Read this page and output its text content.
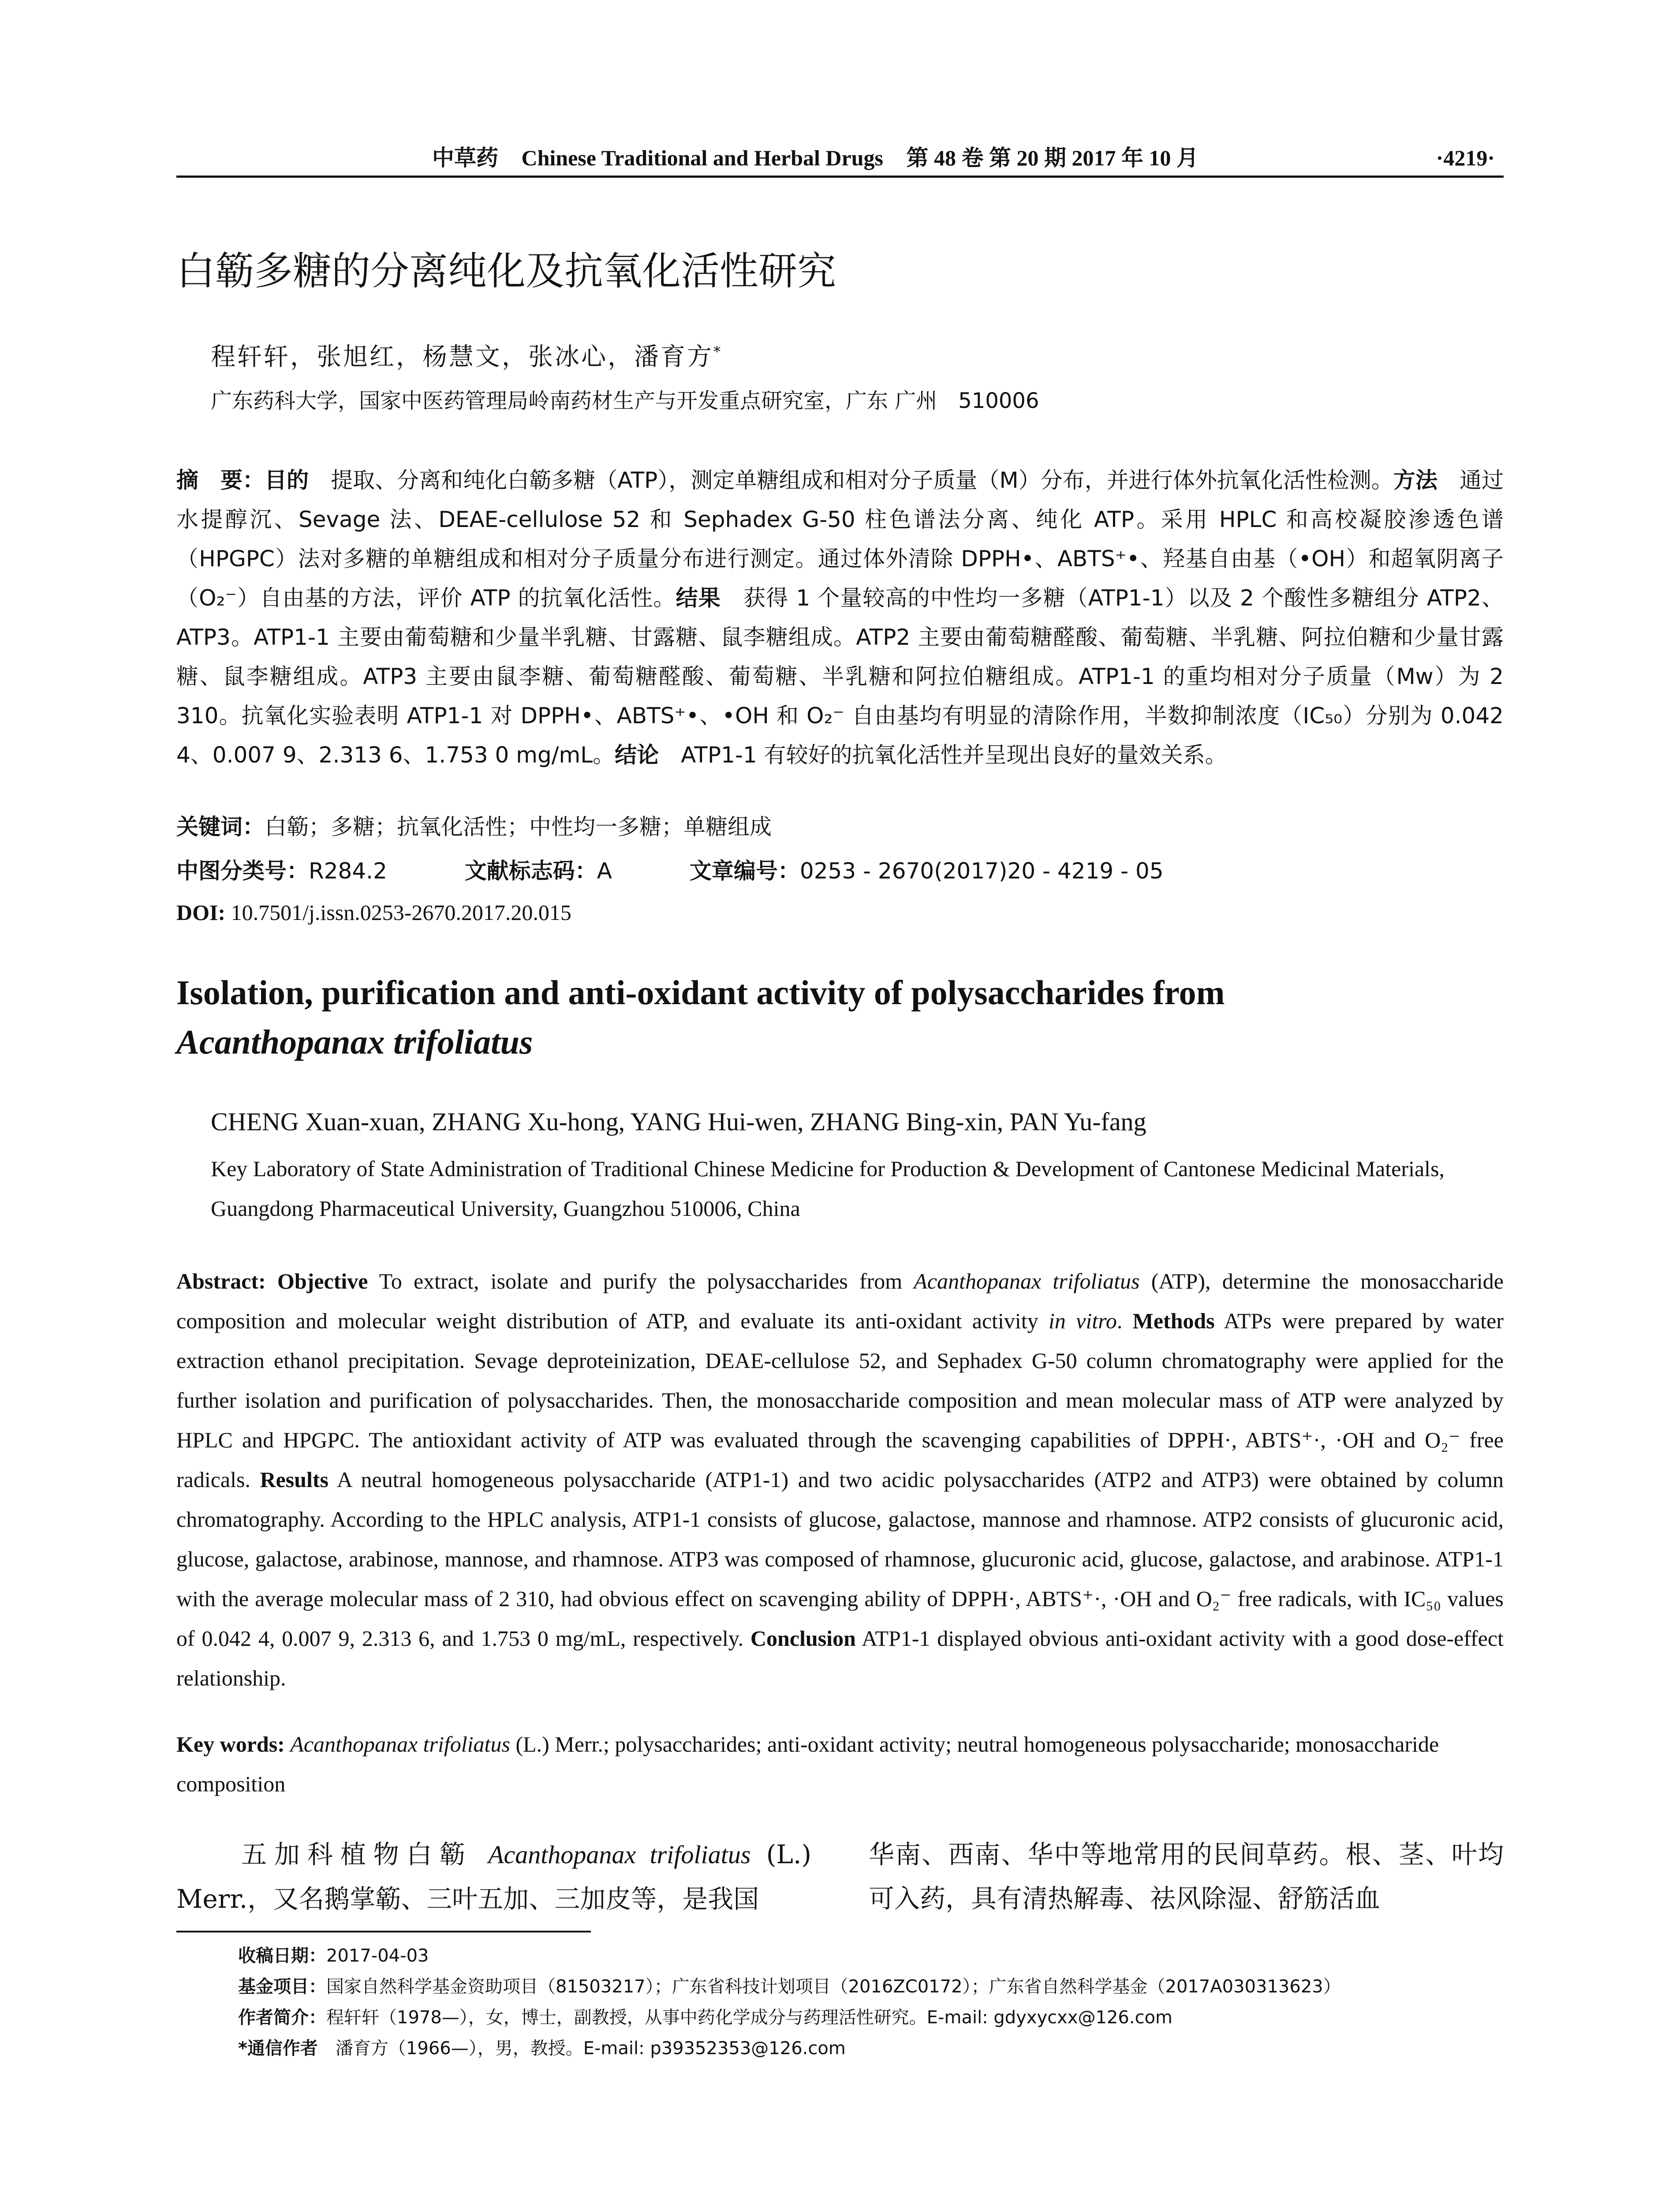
中草药 Chinese Traditional and Herbal Drugs 第 48 卷 第 20 期 2017 年 10 月	·4219·
白簕多糖的分离纯化及抗氧化活性研究
程轩轩，张旭红，杨慧文，张冰心，潘育方*
广东药科大学，国家中医药管理局岭南药材生产与开发重点研究室，广东 广州　510006
摘　要：目的　提取、分离和纯化白簕多糖（ATP），测定单糖组成和相对分子质量（M）分布，并进行体外抗氧化活性检测。方法　通过水提醇沉、Sevage 法、DEAE-cellulose 52 和 Sephadex G-50 柱色谱法分离、纯化 ATP。采用 HPLC 和高校凝胶渗透色谱（HPGPC）法对多糖的单糖组成和相对分子质量分布进行测定。通过体外清除 DPPH•、ABTS⁺•、羟基自由基（•OH）和超氧阴离子（O₂⁻）自由基的方法，评价 ATP 的抗氧化活性。结果　获得 1 个量较高的中性均一多糖（ATP1-1）以及 2 个酸性多糖组分 ATP2、ATP3。ATP1-1 主要由葡萄糖和少量半乳糖、甘露糖、鼠李糖组成。ATP2 主要由葡萄糖醛酸、葡萄糖、半乳糖、阿拉伯糖和少量甘露糖、鼠李糖组成。ATP3 主要由鼠李糖、葡萄糖醛酸、葡萄糖、半乳糖和阿拉伯糖组成。ATP1-1 的重均相对分子质量（Mw）为 2 310。抗氧化实验表明 ATP1-1 对 DPPH•、ABTS⁺•、•OH 和 O₂⁻ 自由基均有明显的清除作用，半数抑制浓度（IC₅₀）分别为 0.042 4、0.007 9、2.313 6、1.753 0 mg/mL。结论　ATP1-1 有较好的抗氧化活性并呈现出良好的量效关系。
关键词：白簕；多糖；抗氧化活性；中性均一多糖；单糖组成
中图分类号：R284.2	文献标志码：A	文章编号：0253 - 2670(2017)20 - 4219 - 05
DOI: 10.7501/j.issn.0253-2670.2017.20.015
Isolation, purification and anti-oxidant activity of polysaccharides from
Acanthopanax trifoliatus
CHENG Xuan-xuan, ZHANG Xu-hong, YANG Hui-wen, ZHANG Bing-xin, PAN Yu-fang
Key Laboratory of State Administration of Traditional Chinese Medicine for Production & Development of Cantonese Medicinal Materials, Guangdong Pharmaceutical University, Guangzhou 510006, China
Abstract: Objective To extract, isolate and purify the polysaccharides from Acanthopanax trifoliatus (ATP), determine the monosaccharide composition and molecular weight distribution of ATP, and evaluate its anti-oxidant activity in vitro. Methods ATPs were prepared by water extraction ethanol precipitation. Sevage deproteinization, DEAE-cellulose 52, and Sephadex G-50 column chromatography were applied for the further isolation and purification of polysaccharides. Then, the monosaccharide composition and mean molecular mass of ATP were analyzed by HPLC and HPGPC. The antioxidant activity of ATP was evaluated through the scavenging capabilities of DPPH·, ABTS⁺·, ·OH and O₂⁻ free radicals. Results A neutral homogeneous polysaccharide (ATP1-1) and two acidic polysaccharides (ATP2 and ATP3) were obtained by column chromatography. According to the HPLC analysis, ATP1-1 consists of glucose, galactose, mannose and rhamnose. ATP2 consists of glucuronic acid, glucose, galactose, arabinose, mannose, and rhamnose. ATP3 was composed of rhamnose, glucuronic acid, glucose, galactose, and arabinose. ATP1-1 with the average molecular mass of 2 310, had obvious effect on scavenging ability of DPPH·, ABTS⁺·, ·OH and O₂⁻ free radicals, with IC₅₀ values of 0.042 4, 0.007 9, 2.313 6, and 1.753 0 mg/mL, respectively. Conclusion ATP1-1 displayed obvious anti-oxidant activity with a good dose-effect relationship.
Key words: Acanthopanax trifoliatus (L.) Merr.; polysaccharides; anti-oxidant activity; neutral homogeneous polysaccharide; monosaccharide composition
五加科植物白簕 Acanthopanax trifoliatus (L.) Merr.，又名鹅掌簕、三叶五加、三加皮等，是我国
华南、西南、华中等地常用的民间草药。根、茎、叶均可入药，具有清热解毒、祛风除湿、舒筋活血
收稿日期：2017-04-03
基金项目：国家自然科学基金资助项目（81503217）；广东省科技计划项目（2016ZC0172）；广东省自然科学基金（2017A030313623）
作者简介：程轩轩（1978—），女，博士，副教授，从事中药化学成分与药理活性研究。E-mail: gdyxycxx@126.com
*通信作者　潘育方（1966—），男，教授。E-mail: p39352353@126.com
